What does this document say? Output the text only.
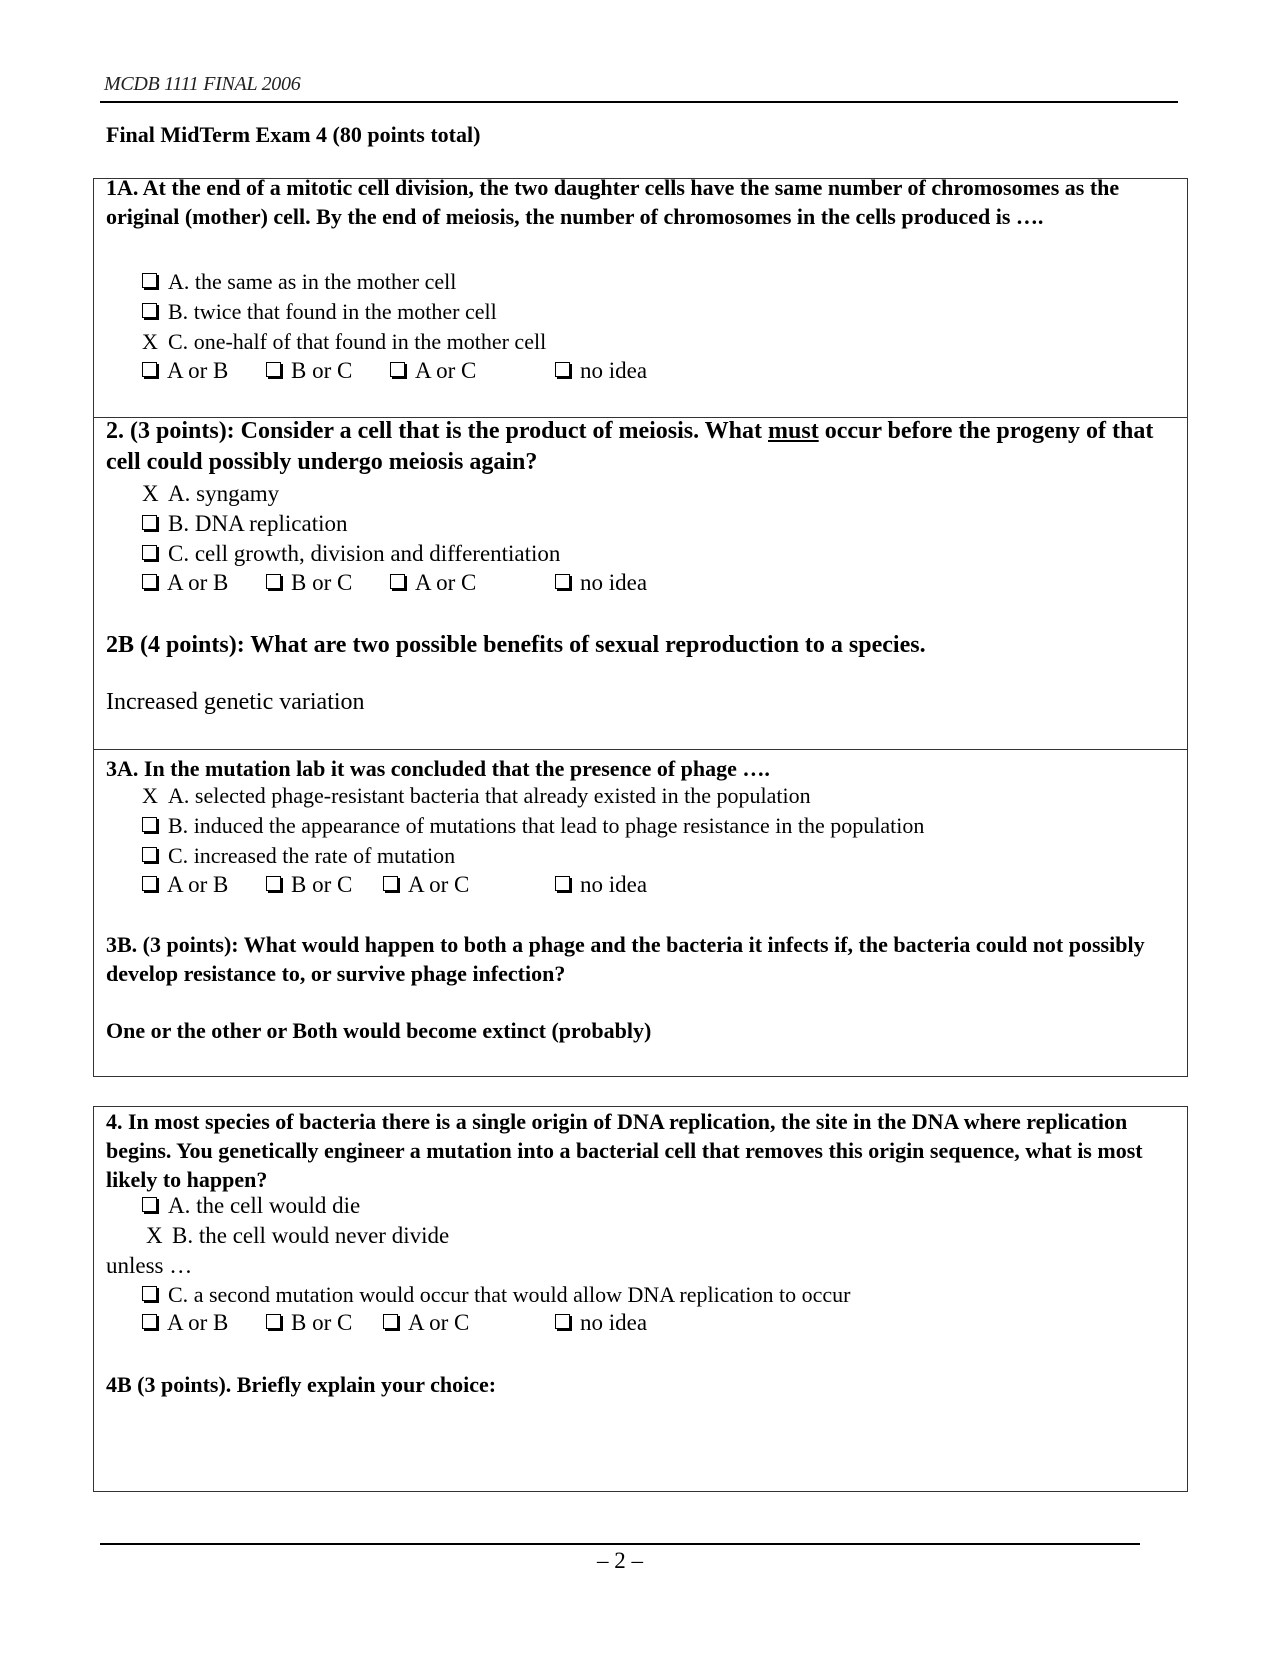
MCDB 1111 FINAL 2006
Final MidTerm Exam 4 (80 points total)
1A. At the end of a mitotic cell division, the two daughter cells have the same number of chromosomes as the original (mother) cell. By the end of meiosis, the number of chromosomes in the cells produced is ….
A. the same as in the mother cell
B. twice that found in the mother cell
X C. one-half of that found in the mother cell
A or B	B or C	A or C	no idea
2. (3 points): Consider a cell that is the product of meiosis. What must occur before the progeny of that cell could possibly undergo meiosis again?
X A. syngamy
B. DNA replication
C. cell growth, division and differentiation
A or B	B or C	A or C	no idea
2B (4 points): What are two possible benefits of sexual reproduction to a species.
Increased genetic variation
3A. In the mutation lab it was concluded that the presence of phage ….
X A. selected phage-resistant bacteria that already existed in the population
B. induced the appearance of mutations that lead to phage resistance in the population
C. increased the rate of mutation
A or B	B or C A or C	no idea
3B. (3 points): What would happen to both a phage and the bacteria it infects if, the bacteria could not possibly develop resistance to, or survive phage infection?
One or the other or Both would become extinct (probably)
4. In most species of bacteria there is a single origin of DNA replication, the site in the DNA where replication begins. You genetically engineer a mutation into a bacterial cell that removes this origin sequence, what is most likely to happen?
A. the cell would die
X B. the cell would never divide
unless …
C. a second mutation would occur that would allow DNA replication to occur
A or B	B or C A or C	no idea
4B (3 points). Briefly explain your choice:
– 2 –
